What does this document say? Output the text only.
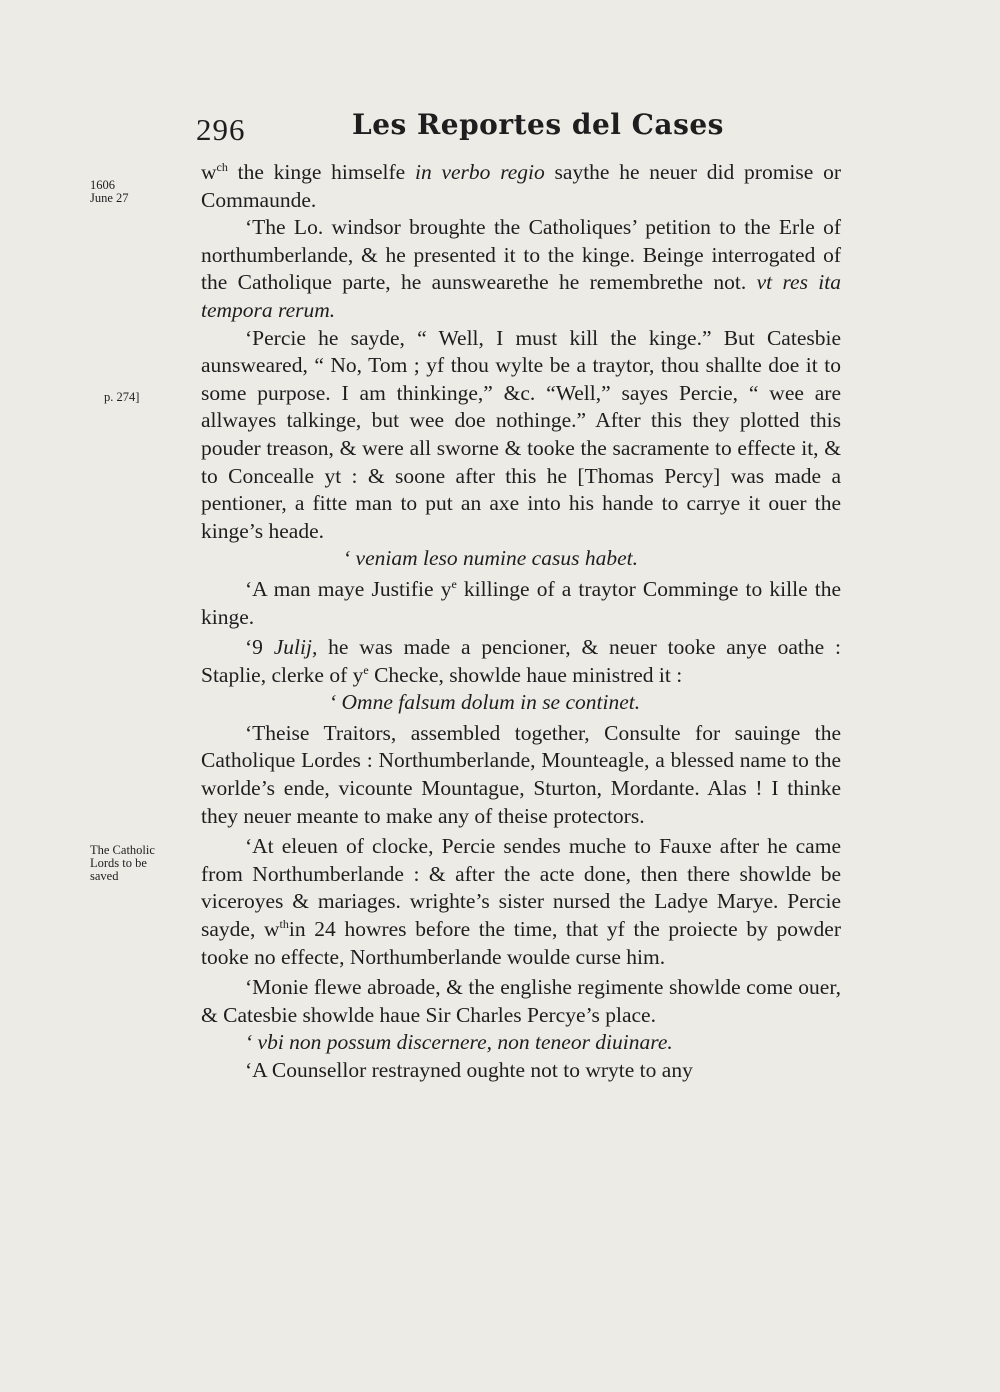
296	Les Reportes del Cases
1606
June 27
p. 274]
The Catholic
Lords to be
saved

$w^{ch}$ the kinge himselfe in verbo regio saythe he neuer did promise or Commaunde.

‘The Lo. windsor broughte the Catholiques’ petition to the Erle of northumberlande, & he presented it to the kinge. Beinge interrogated of the Catholique parte, he aunswearethe he remembrethe not. vt res ita tempora rerum.

‘Percie he sayde, “ Well, I must kill the kinge.” But Catesbie aunsweared, “ No, Tom ; yf thou wylte be a traytor, thou shallte doe it to some purpose. I am thinkinge,” &c. “Well,” sayes Percie, “ wee are allwayes talkinge, but wee doe nothinge.” After this they plotted this pouder treason, & were all sworne & tooke the sacramente to effecte it, & to Concealle yt : & soone after this he [Thomas Percy] was made a pentioner, a fitte man to put an axe into his hande to carrye it ouer the kinge’s heade.

‘ veniam leso numine casus habet.

‘A man maye Justifie $y^e$ killinge of a traytor Comminge to kille the kinge.

‘9 Julij, he was made a pencioner, & neuer tooke anye oathe : Staplie, clerke of $y^e$ Checke, showlde haue ministred it :

‘ Omne falsum dolum in se continet.

‘Theise Traitors, assembled together, Consulte for sauinge the Catholique Lordes : Northumberlande, Mounteagle, a blessed name to the worlde’s ende, vicounte Mountague, Sturton, Mordante. Alas ! I thinke they neuer meante to make any of theise protectors.

‘At eleuen of clocke, Percie sendes muche to Fauxe after he came from Northumberlande : & after the acte done, then there showlde be viceroyes & mariages. wrighte’s sister nursed the Ladye Marye. Percie sayde, $w^{th}in$ 24 howres before the time, that yf the proiecte by powder tooke no effecte, Northumberlande woulde curse him.

‘Monie flewe abroade, & the englishe regimente showlde come ouer, & Catesbie showlde haue Sir Charles Percye’s place.

‘ vbi non possum discernere, non teneor diuinare.

‘A Counsellor restrayned oughte not to wryte to any
